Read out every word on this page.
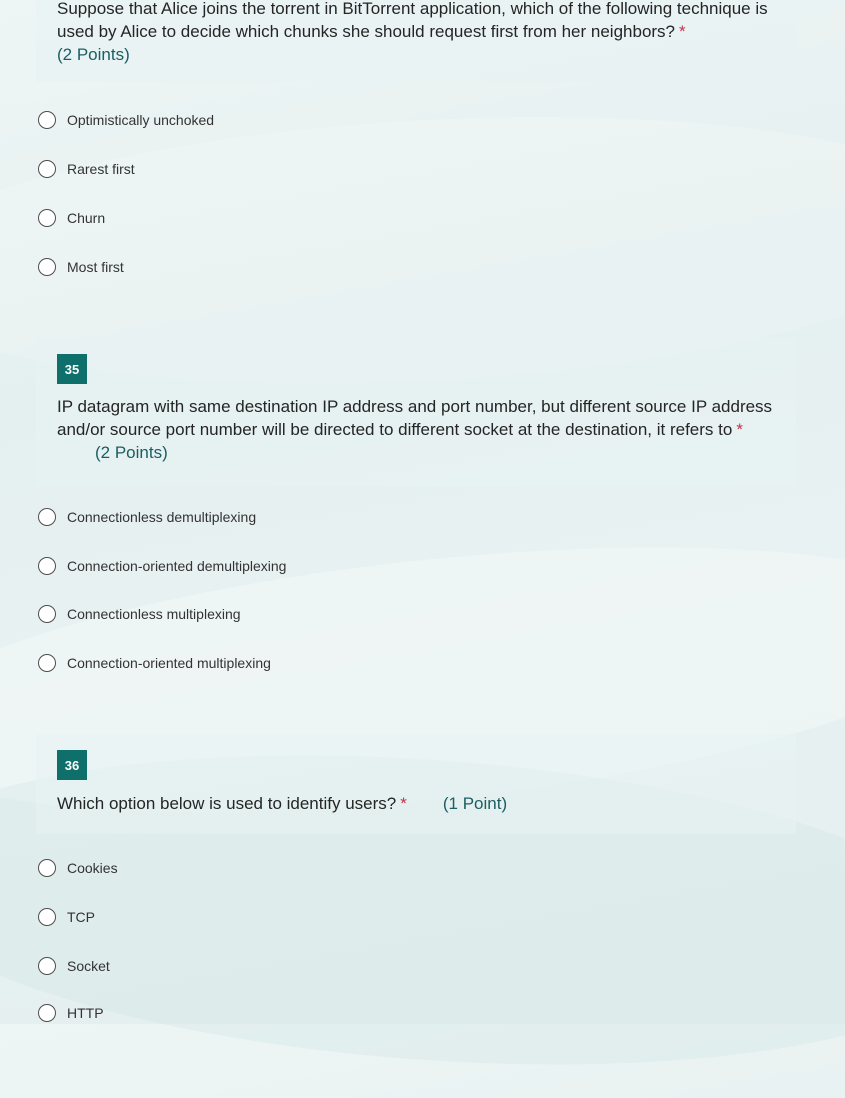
Suppose that Alice joins the torrent in BitTorrent application, which of the following technique is used by Alice to decide which chunks she should request first from her neighbors? *
(2 Points)
Optimistically unchoked
Rarest first
Churn
Most first
35
IP datagram with same destination IP address and port number, but different source IP address and/or source port number will be directed to different socket at the destination, it refers to *(2 Points)
Connectionless demultiplexing
Connection-oriented demultiplexing
Connectionless multiplexing
Connection-oriented multiplexing
36
Which option below is used to identify users? * (1 Point)
Cookies
TCP
Socket
HTTP
